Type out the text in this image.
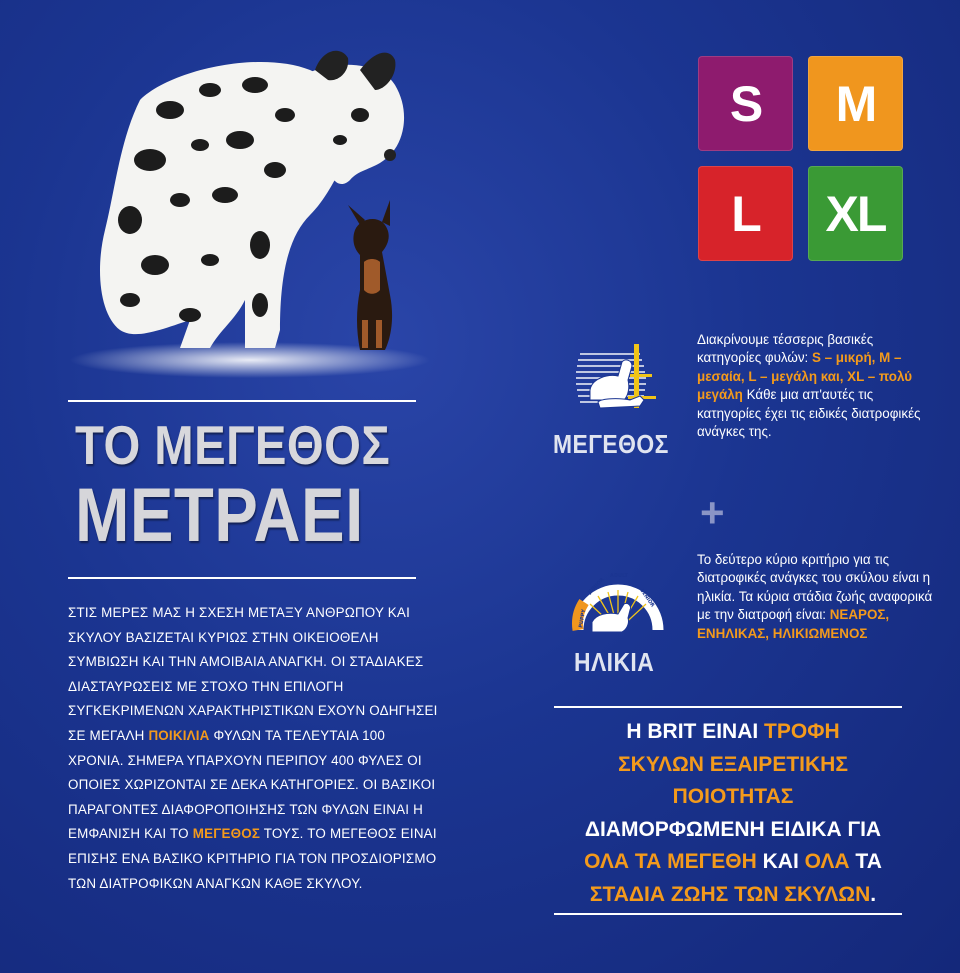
ΤΟ ΜΕΓΕΘΟΣ
ΜΕΤΡΑΕΙ
ΣΤΙΣ ΜΕΡΕΣ ΜΑΣ Η ΣΧΕΣΗ ΜΕΤΑΞΥ ΑΝΘΡΩΠΟΥ ΚΑΙ ΣΚΥΛΟΥ ΒΑΣΙΖΕΤΑΙ ΚΥΡΙΩΣ ΣΤΗΝ ΟΙΚΕΙΟΘΕΛΗ ΣΥΜΒΙΩΣΗ ΚΑΙ ΤΗΝ ΑΜΟΙΒΑΙΑ ΑΝΑΓΚΗ. ΟΙ ΣΤΑΔΙΑΚΕΣ ΔΙΑΣΤΑΥΡΩΣΕΙΣ ΜΕ ΣΤΟΧΟ ΤΗΝ ΕΠΙΛΟΓΗ ΣΥΓΚΕΚΡΙΜΕΝΩΝ ΧΑΡΑΚΤΗΡΙΣΤΙΚΩΝ ΕΧΟΥΝ ΟΔΗΓΗΣΕΙ ΣΕ ΜΕΓΑΛΗ ΠΟΙΚΙΛΙΑ ΦΥΛΩΝ ΤΑ ΤΕΛΕΥΤΑΙΑ 100 ΧΡΟΝΙΑ. ΣΗΜΕΡΑ ΥΠΑΡΧΟΥΝ ΠΕΡΙΠΟΥ 400 ΦΥΛΕΣ ΟΙ ΟΠΟΙΕΣ ΧΩΡΙΖΟΝΤΑΙ ΣΕ ΔΕΚΑ ΚΑΤΗΓΟΡΙΕΣ. ΟΙ ΒΑΣΙΚΟΙ ΠΑΡΑΓΟΝΤΕΣ ΔΙΑΦΟΡΟΠΟΙΗΣΗΣ ΤΩΝ ΦΥΛΩΝ ΕΙΝΑΙ Η ΕΜΦΑΝΙΣΗ ΚΑΙ ΤΟ ΜΕΓΕΘΟΣ ΤΟΥΣ. ΤΟ ΜΕΓΕΘΟΣ ΕΙΝΑΙ ΕΠΙΣΗΣ ΕΝΑ ΒΑΣΙΚΟ ΚΡΙΤΗΡΙΟ ΓΙΑ ΤΟΝ ΠΡΟΣΔΙΟΡΙΣΜΟ ΤΩΝ ΔΙΑΤΡΟΦΙΚΩΝ ΑΝΑΓΚΩΝ ΚΑΘΕ ΣΚΥΛΟΥ.
S M
L XL
ΜΕΓΕΘΟΣ
Διακρίνουμε τέσσερις βασικές κατηγορίες φυλών: S – μικρή, M – μεσαία, L – μεγάλη και, XL – πολύ μεγάλη Κάθε μια απ'αυτές τις κατηγορίες έχει τις ειδικές διατροφικές ανάγκες της.
+
PUPPY
JUNIOR
ADULT
SENIOR
ΗΛΙΚΙΑ
Το δεύτερο κύριο κριτήριο για τις διατροφικές ανάγκες του σκύλου είναι η ηλικία. Τα κύρια στάδια ζωής αναφορικά με την διατροφή είναι: ΝΕΑΡΟΣ, ΕΝΗΛΙΚΑΣ, ΗΛΙΚΙΩΜΕΝΟΣ
Η BRIT ΕΙΝΑΙ ΤΡΟΦΗ
ΣΚΥΛΩΝ ΕΞΑΙΡΕΤΙΚΗΣ
ΠΟΙΟΤΗΤΑΣ
ΔΙΑΜΟΡΦΩΜΕΝΗ ΕΙΔΙΚΑ ΓΙΑ
ΟΛΑ ΤΑ ΜΕΓΕΘΗ ΚΑΙ ΟΛΑ ΤΑ
ΣΤΑΔΙΑ ΖΩΗΣ ΤΩΝ ΣΚΥΛΩΝ.
